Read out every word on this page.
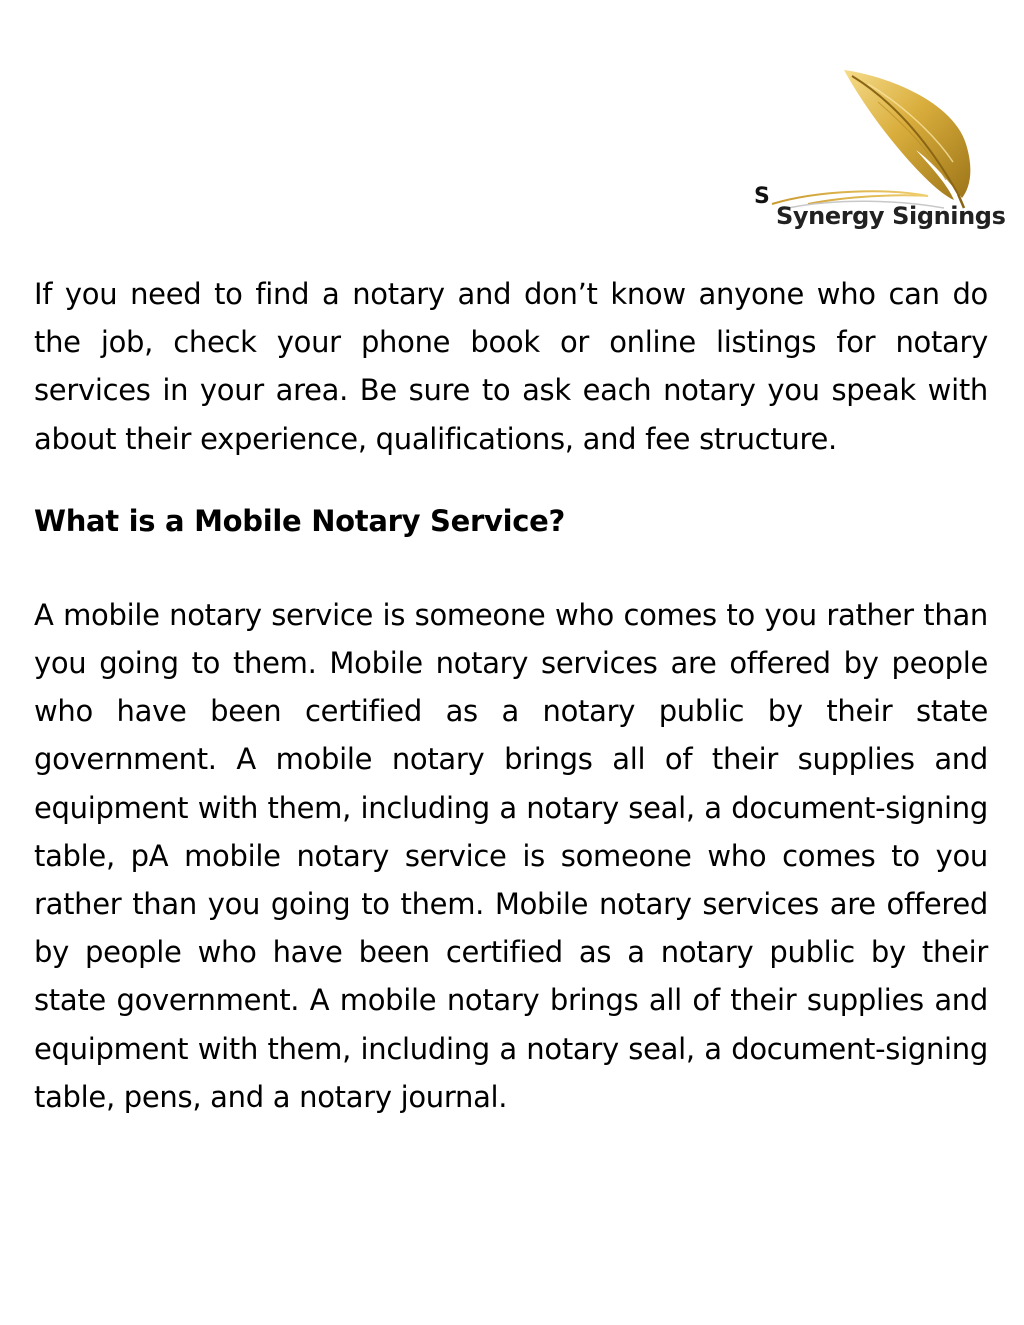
S
Synergy Signings

If you need to find a notary and don’t know anyone who can do the job, check your phone book or online listings for notary services in your area. Be sure to ask each notary you speak with about their experience, qualifications, and fee structure.

What is a Mobile Notary Service?

A mobile notary service is someone who comes to you rather than you going to them. Mobile notary services are offered by people who have been certified as a notary public by their state government. A mobile notary brings all of their supplies and equipment with them, including a notary seal, a document-signing table, pA mobile notary service is someone who comes to you rather than you going to them. Mobile notary services are offered by people who have been certified as a notary public by their state government. A mobile notary brings all of their supplies and equipment with them, including a notary seal, a document-signing table, pens, and a notary journal.
